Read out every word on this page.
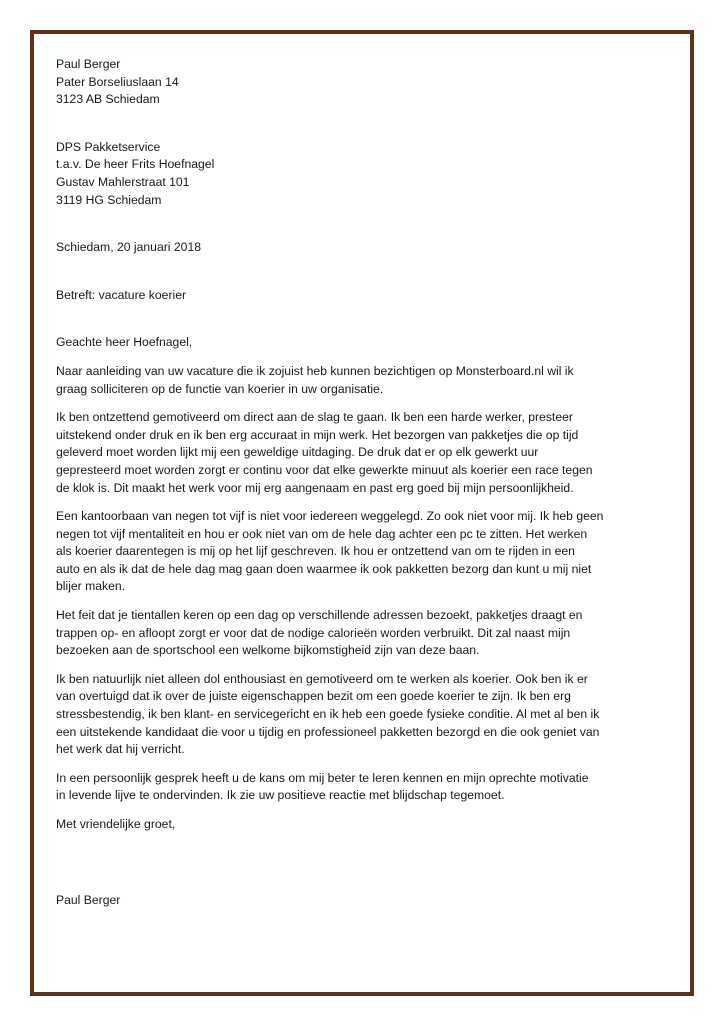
Paul Berger
Pater Borseliuslaan 14
3123 AB Schiedam
DPS Pakketservice
t.a.v. De heer Frits Hoefnagel
Gustav Mahlerstraat 101
3119 HG Schiedam
Schiedam, 20 januari 2018
Betreft: vacature koerier
Geachte heer Hoefnagel,
Naar aanleiding van uw vacature die ik zojuist heb kunnen bezichtigen op Monsterboard.nl wil ik
graag solliciteren op de functie van koerier in uw organisatie.
Ik ben ontzettend gemotiveerd om direct aan de slag te gaan. Ik ben een harde werker, presteer
uitstekend onder druk en ik ben erg accuraat in mijn werk. Het bezorgen van pakketjes die op tijd
geleverd moet worden lijkt mij een geweldige uitdaging. De druk dat er op elk gewerkt uur
gepresteerd moet worden zorgt er continu voor dat elke gewerkte minuut als koerier een race tegen
de klok is. Dit maakt het werk voor mij erg aangenaam en past erg goed bij mijn persoonlijkheid.
Een kantoorbaan van negen tot vijf is niet voor iedereen weggelegd. Zo ook niet voor mij. Ik heb geen
negen tot vijf mentaliteit en hou er ook niet van om de hele dag achter een pc te zitten. Het werken
als koerier daarentegen is mij op het lijf geschreven. Ik hou er ontzettend van om te rijden in een
auto en als ik dat de hele dag mag gaan doen waarmee ik ook pakketten bezorg dan kunt u mij niet
blijer maken.
Het feit dat je tientallen keren op een dag op verschillende adressen bezoekt, pakketjes draagt en
trappen op- en afloopt zorgt er voor dat de nodige calorieën worden verbruikt. Dit zal naast mijn
bezoeken aan de sportschool een welkome bijkomstigheid zijn van deze baan.
Ik ben natuurlijk niet alleen dol enthousiast en gemotiveerd om te werken als koerier. Ook ben ik er
van overtuigd dat ik over de juiste eigenschappen bezit om een goede koerier te zijn. Ik ben erg
stressbestendig, ik ben klant- en servicegericht en ik heb een goede fysieke conditie. Al met al ben ik
een uitstekende kandidaat die voor u tijdig en professioneel pakketten bezorgd en die ook geniet van
het werk dat hij verricht.
In een persoonlijk gesprek heeft u de kans om mij beter te leren kennen en mijn oprechte motivatie
in levende lijve te ondervinden. Ik zie uw positieve reactie met blijdschap tegemoet.
Met vriendelijke groet,
Paul Berger
